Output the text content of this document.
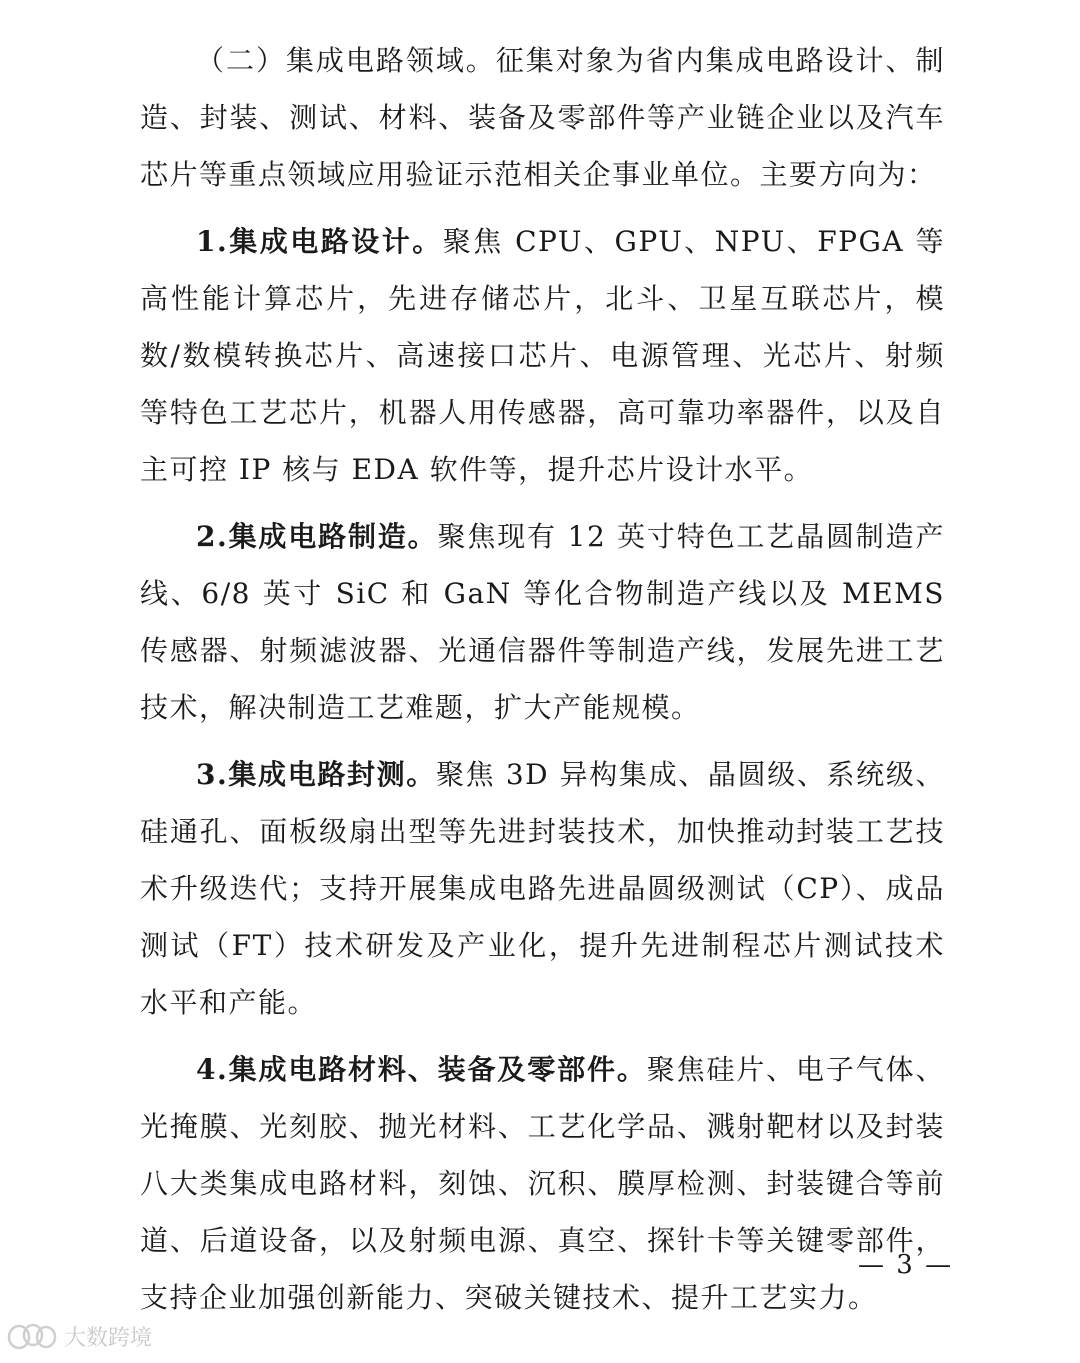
（二）集成电路领域。征集对象为省内集成电路设计、制造、封装、测试、材料、装备及零部件等产业链企业以及汽车芯片等重点领域应用验证示范相关企事业单位。主要方向为：

1.集成电路设计。聚焦 CPU、GPU、NPU、FPGA 等高性能计算芯片，先进存储芯片，北斗、卫星互联芯片，模数/数模转换芯片、高速接口芯片、电源管理、光芯片、射频等特色工艺芯片，机器人用传感器，高可靠功率器件，以及自主可控 IP 核与 EDA 软件等，提升芯片设计水平。

2.集成电路制造。聚焦现有 12 英寸特色工艺晶圆制造产线、6/8 英寸 SiC 和 GaN 等化合物制造产线以及 MEMS 传感器、射频滤波器、光通信器件等制造产线，发展先进工艺技术，解决制造工艺难题，扩大产能规模。

3.集成电路封测。聚焦 3D 异构集成、晶圆级、系统级、硅通孔、面板级扇出型等先进封装技术，加快推动封装工艺技术升级迭代；支持开展集成电路先进晶圆级测试（CP）、成品测试（FT）技术研发及产业化，提升先进制程芯片测试技术水平和产能。

4.集成电路材料、装备及零部件。聚焦硅片、电子气体、光掩膜、光刻胶、抛光材料、工艺化学品、溅射靶材以及封装八大类集成电路材料，刻蚀、沉积、膜厚检测、封装键合等前道、后道设备，以及射频电源、真空、探针卡等关键零部件，支持企业加强创新能力、突破关键技术、提升工艺实力。

— 3 —
大数跨境
